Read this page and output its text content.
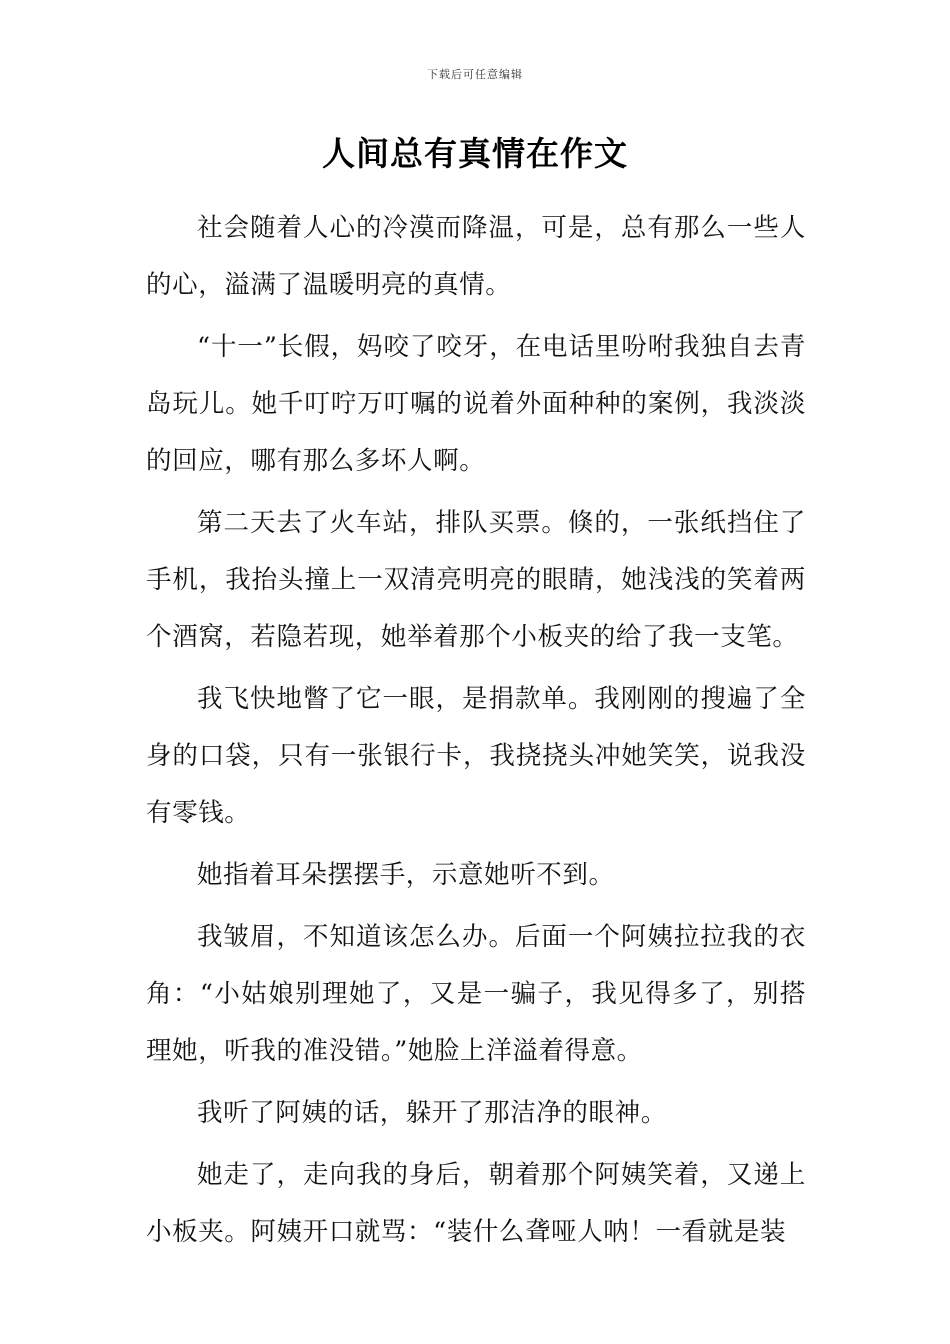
下载后可任意编辑
人间总有真情在作文

社会随着人心的冷漠而降温，可是，总有那么一些人的心，溢满了温暖明亮的真情。

“十一”长假，妈咬了咬牙，在电话里吩咐我独自去青岛玩儿。她千叮咛万叮嘱的说着外面种种的案例，我淡淡的回应，哪有那么多坏人啊。

第二天去了火车站，排队买票。倏的，一张纸挡住了手机，我抬头撞上一双清亮明亮的眼睛，她浅浅的笑着两个酒窝，若隐若现，她举着那个小板夹的给了我一支笔。

我飞快地瞥了它一眼，是捐款单。我刚刚的搜遍了全身的口袋，只有一张银行卡，我挠挠头冲她笑笑，说我没有零钱。

她指着耳朵摆摆手，示意她听不到。

我皱眉，不知道该怎么办。后面一个阿姨拉拉我的衣角：“小姑娘别理她了，又是一骗子，我见得多了，别搭理她，听我的准没错。”她脸上洋溢着得意。

我听了阿姨的话，躲开了那洁净的眼神。

她走了，走向我的身后，朝着那个阿姨笑着，又递上小板夹。阿姨开口就骂：“装什么聋哑人呐！一看就是装
